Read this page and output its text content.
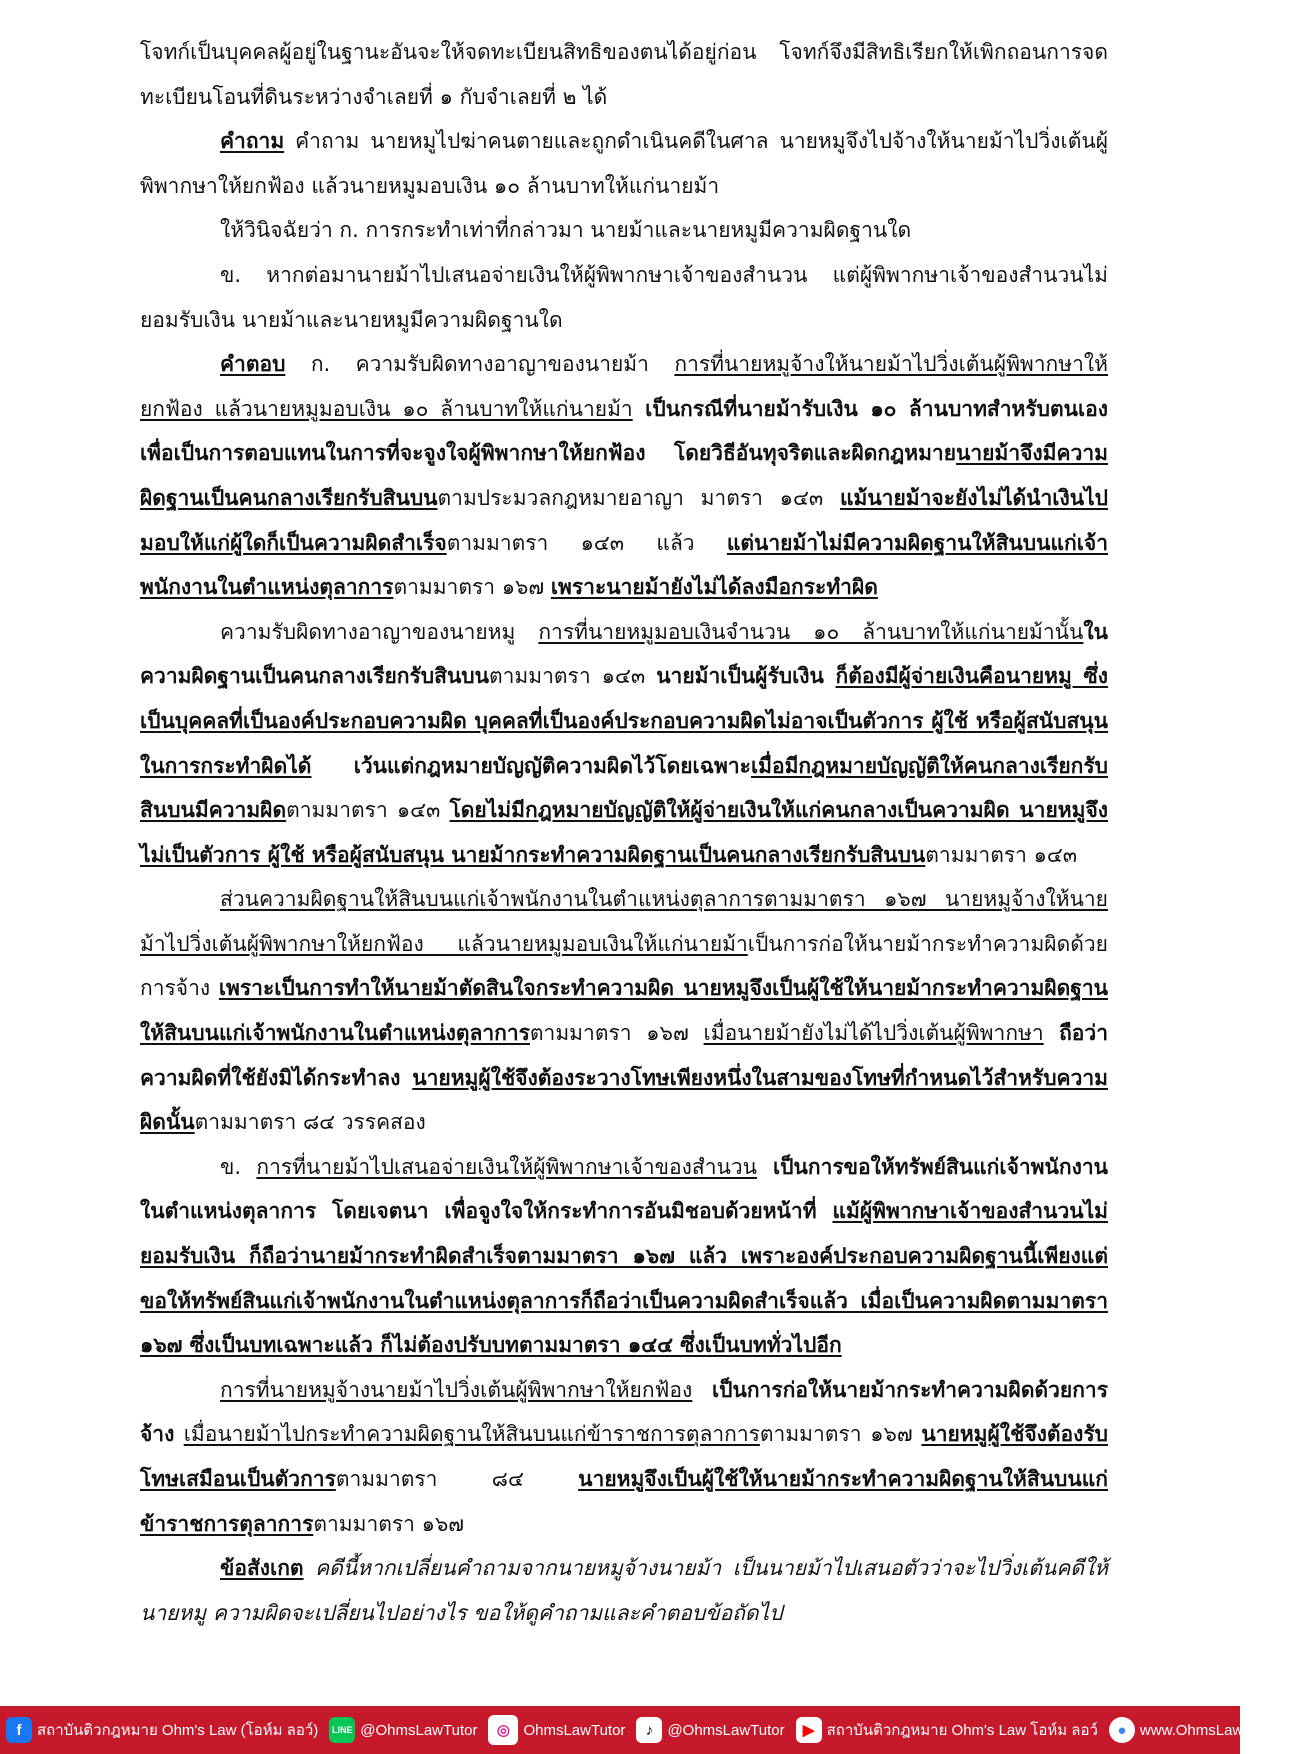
โจทก์เป็นบุคคลผู้อยู่ในฐานะอันจะให้จดทะเบียนสิทธิของตนได้อยู่ก่อน โจทก์จึงมีสิทธิเรียกให้เพิกถอนการจดทะเบียนโอนที่ดินระหว่างจำเลยที่ ๑ กับจำเลยที่ ๒ ได้

คำถาม คำถาม นายหมูไปฆ่าคนตายและถูกดำเนินคดีในศาล นายหมูจึงไปจ้างให้นายม้าไปวิ่งเต้นผู้พิพากษาให้ยกฟ้อง แล้วนายหมูมอบเงิน ๑๐ ล้านบาทให้แก่นายม้า

ให้วินิจฉัยว่า ก. การกระทำเท่าที่กล่าวมา นายม้าและนายหมูมีความผิดฐานใด

ข. หากต่อมานายม้าไปเสนอจ่ายเงินให้ผู้พิพากษาเจ้าของสำนวน แต่ผู้พิพากษาเจ้าของสำนวนไม่ยอมรับเงิน นายม้าและนายหมูมีความผิดฐานใด

คำตอบ ก. ความรับผิดทางอาญาของนายม้า การที่นายหมูจ้างให้นายม้าไปวิ่งเต้นผู้พิพากษาให้ยกฟ้อง แล้วนายหมูมอบเงิน ๑๐ ล้านบาทให้แก่นายม้า เป็นกรณีที่นายม้ารับเงิน ๑๐ ล้านบาทสำหรับตนเอง เพื่อเป็นการตอบแทนในการที่จะจูงใจผู้พิพากษาให้ยกฟ้อง โดยวิธีอันทุจริตและผิดกฎหมายนายม้าจึงมีความผิดฐานเป็นคนกลางเรียกรับสินบนตามประมวลกฎหมายอาญา มาตรา ๑๔๓ แม้นายม้าจะยังไม่ได้นำเงินไปมอบให้แก่ผู้ใดก็เป็นความผิดสำเร็จตามมาตรา ๑๔๓ แล้ว แต่นายม้าไม่มีความผิดฐานให้สินบนแก่เจ้าพนักงานในตำแหน่งตุลาการตามมาตรา ๑๖๗ เพราะนายม้ายังไม่ได้ลงมือกระทำผิด

ความรับผิดทางอาญาของนายหมู การที่นายหมูมอบเงินจำนวน ๑๐ ล้านบาทให้แก่นายม้านั้นในความผิดฐานเป็นคนกลางเรียกรับสินบนตามมาตรา ๑๔๓ นายม้าเป็นผู้รับเงิน ก็ต้องมีผู้จ่ายเงินคือนายหมู ซึ่งเป็นบุคคลที่เป็นองค์ประกอบความผิด บุคคลที่เป็นองค์ประกอบความผิดไม่อาจเป็นตัวการ ผู้ใช้ หรือผู้สนับสนุน ในการกระทำผิดได้ เว้นแต่กฎหมายบัญญัติความผิดไว้โดยเฉพาะเมื่อมีกฎหมายบัญญัติให้คนกลางเรียกรับสินบนมีความผิดตามมาตรา ๑๔๓ โดยไม่มีกฎหมายบัญญัติให้ผู้จ่ายเงินให้แก่คนกลางเป็นความผิด นายหมูจึงไม่เป็นตัวการ ผู้ใช้ หรือผู้สนับสนุน นายม้ากระทำความผิดฐานเป็นคนกลางเรียกรับสินบนตามมาตรา ๑๔๓

ส่วนความผิดฐานให้สินบนแก่เจ้าพนักงานในตำแหน่งตุลาการตามมาตรา ๑๖๗ นายหมูจ้างให้นายม้าไปวิ่งเต้นผู้พิพากษาให้ยกฟ้อง แล้วนายหมูมอบเงินให้แก่นายม้าเป็นการก่อให้นายม้ากระทำความผิดด้วยการจ้าง เพราะเป็นการทำให้นายม้าตัดสินใจกระทำความผิด นายหมูจึงเป็นผู้ใช้ให้นายม้ากระทำความผิดฐานให้สินบนแก่เจ้าพนักงานในตำแหน่งตุลาการตามมาตรา ๑๖๗ เมื่อนายม้ายังไม่ได้ไปวิ่งเต้นผู้พิพากษา ถือว่าความผิดที่ใช้ยังมิได้กระทำลง นายหมูผู้ใช้จึงต้องระวางโทษเพียงหนึ่งในสามของโทษที่กำหนดไว้สำหรับความผิดนั้นตามมาตรา ๘๔ วรรคสอง

ข. การที่นายม้าไปเสนอจ่ายเงินให้ผู้พิพากษาเจ้าของสำนวน เป็นการขอให้ทรัพย์สินแก่เจ้าพนักงานในตำแหน่งตุลาการ โดยเจตนา เพื่อจูงใจให้กระทำการอันมิชอบด้วยหน้าที่ แม้ผู้พิพากษาเจ้าของสำนวนไม่ยอมรับเงิน ก็ถือว่านายม้ากระทำผิดสำเร็จตามมาตรา ๑๖๗ แล้ว เพราะองค์ประกอบความผิดฐานนี้เพียงแต่ขอให้ทรัพย์สินแก่เจ้าพนักงานในตำแหน่งตุลาการก็ถือว่าเป็นความผิดสำเร็จแล้ว เมื่อเป็นความผิดตามมาตรา ๑๖๗ ซึ่งเป็นบทเฉพาะแล้ว ก็ไม่ต้องปรับบทตามมาตรา ๑๔๔ ซึ่งเป็นบททั่วไปอีก

การที่นายหมูจ้างนายม้าไปวิ่งเต้นผู้พิพากษาให้ยกฟ้อง เป็นการก่อให้นายม้ากระทำความผิดด้วยการจ้าง เมื่อนายม้าไปกระทำความผิดฐานให้สินบนแก่ข้าราชการตุลาการตามมาตรา ๑๖๗ นายหมูผู้ใช้จึงต้องรับโทษเสมือนเป็นตัวการตามมาตรา ๘๔ นายหมูจึงเป็นผู้ใช้ให้นายม้ากระทำความผิดฐานให้สินบนแก่ข้าราชการตุลาการตามมาตรา ๑๖๗

ข้อสังเกต คดีนี้หากเปลี่ยนคำถามจากนายหมูจ้างนายม้า เป็นนายม้าไปเสนอตัวว่าจะไปวิ่งเต้นคดีให้นายหมู ความผิดจะเปลี่ยนไปอย่างไร ขอให้ดูคำถามและคำตอบข้อถัดไป

f	สถาบันติวกฎหมาย Ohm's Law (โอห์ม ลอว์)	LINE @OhmsLawTutor	◎ OhmsLawTutor	♪ @OhmsLawTutor	▶ สถาบันติวกฎหมาย Ohm's Law โอห์ม ลอว์	● www.OhmsLawTutor.com
